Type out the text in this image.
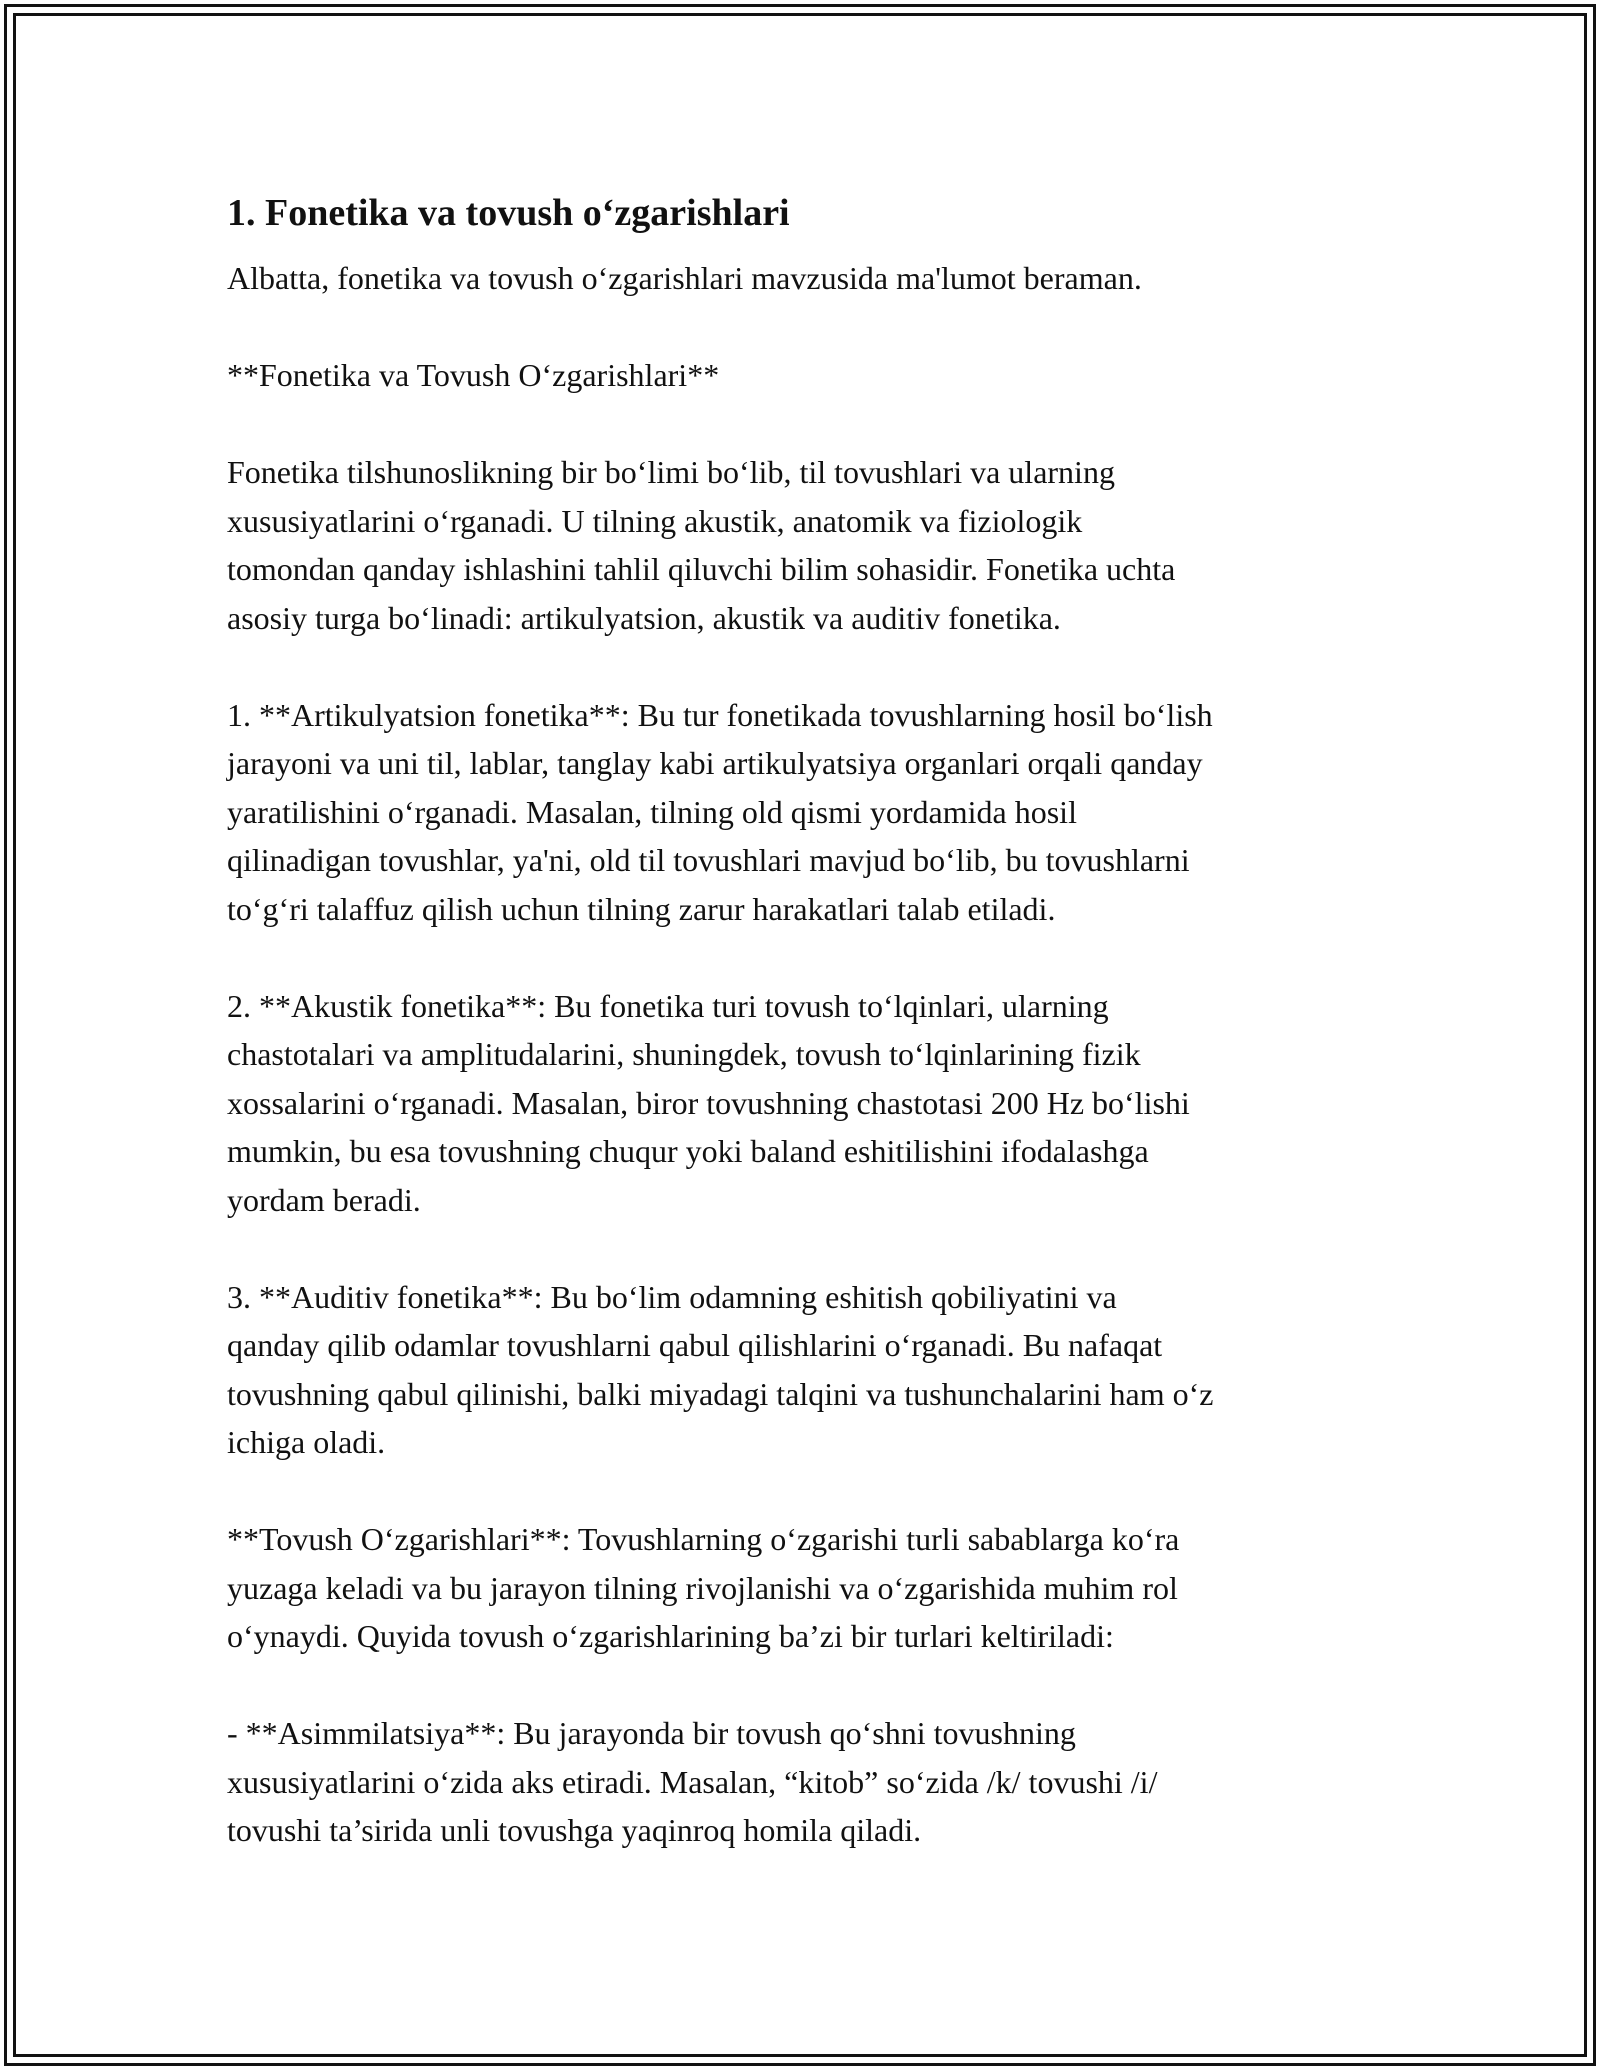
1. Fonetika va tovush o‘zgarishlari
Albatta, fonetika va tovush o‘zgarishlari mavzusida ma'lumot beraman.
**Fonetika va Tovush O‘zgarishlari**
Fonetika tilshunoslikning bir bo‘limi bo‘lib, til tovushlari va ularning
xususiyatlarini o‘rganadi. U tilning akustik, anatomik va fiziologik
tomondan qanday ishlashini tahlil qiluvchi bilim sohasidir. Fonetika uchta
asosiy turga bo‘linadi: artikulyatsion, akustik va auditiv fonetika.
1. **Artikulyatsion fonetika**: Bu tur fonetikada tovushlarning hosil bo‘lish
jarayoni va uni til, lablar, tanglay kabi artikulyatsiya organlari orqali qanday
yaratilishini o‘rganadi. Masalan, tilning old qismi yordamida hosil
qilinadigan tovushlar, ya'ni, old til tovushlari mavjud bo‘lib, bu tovushlarni
to‘g‘ri talaffuz qilish uchun tilning zarur harakatlari talab etiladi.
2. **Akustik fonetika**: Bu fonetika turi tovush to‘lqinlari, ularning
chastotalari va amplitudalarini, shuningdek, tovush to‘lqinlarining fizik
xossalarini o‘rganadi. Masalan, biror tovushning chastotasi 200 Hz bo‘lishi
mumkin, bu esa tovushning chuqur yoki baland eshitilishini ifodalashga
yordam beradi.
3. **Auditiv fonetika**: Bu bo‘lim odamning eshitish qobiliyatini va
qanday qilib odamlar tovushlarni qabul qilishlarini o‘rganadi. Bu nafaqat
tovushning qabul qilinishi, balki miyadagi talqini va tushunchalarini ham o‘z
ichiga oladi.
**Tovush O‘zgarishlari**: Tovushlarning o‘zgarishi turli sabablarga ko‘ra
yuzaga keladi va bu jarayon tilning rivojlanishi va o‘zgarishida muhim rol
o‘ynaydi. Quyida tovush o‘zgarishlarining ba’zi bir turlari keltiriladi:
- **Asimmilatsiya**: Bu jarayonda bir tovush qo‘shni tovushning
xususiyatlarini o‘zida aks etiradi. Masalan, “kitob” so‘zida /k/ tovushi /i/
tovushi ta’sirida unli tovushga yaqinroq homila qiladi.
